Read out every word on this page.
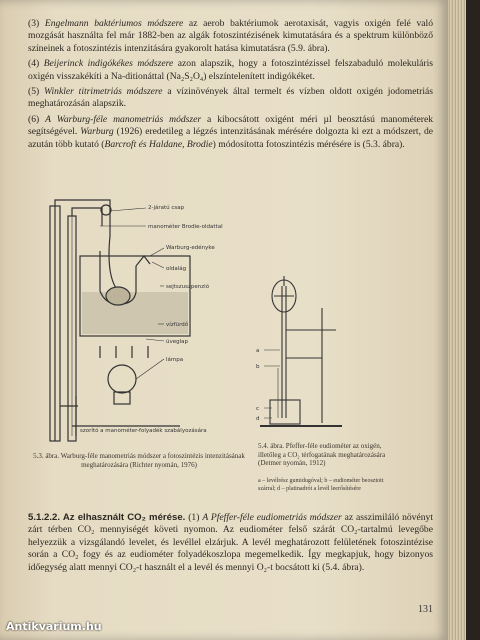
(3) Engelmann baktériumos módszere az aerob baktériumok aerotaxisát, vagyis oxigén felé való mozgását használta fel már 1882-ben az algák fotoszintézisének kimutatására és a spektrum különböző színeinek a fotoszintézis intenzitására gyakorolt hatása kimutatásra (5.9. ábra).

(4) Beijerinck indigókékes módszere azon alapszik, hogy a fotoszintézissel felszabaduló molekuláris oxigén visszakékíti a Na-ditionáttal (Na₂S₂O₄) elszíntelenített indigókéket.

(5) Winkler titrimetriás módszere a vízinövények által termelt és vízben oldott oxigén jodometriás meghatározásán alapszik.

(6) A Warburg-féle manometriás módszer a kibocsátott oxigént méri µl beosztású manométerek segítségével. Warburg (1926) eredetileg a légzés intenzitásának mérésére dolgozta ki ezt a módszert, de azután több kutató (Barcroft és Haldane, Brodie) módosította fotoszintézis mérésére is (5.3. ábra).

2-járatú csap
manométer Brodie-oldattal
Warburg-edényke
oldalág
sejtszuszpenzió
vízfürdő
üveglap
lámpa
szorító a manométer-folyadék szabályozására
5.3. ábra. Warburg-féle manometriás módszer a fotoszintézis intenzitásának meghatározására (Richter nyomán, 1976)
a
b
c
d
5.4. ábra. Pfeffer-féle eudiométer az oxigén, illetőleg a CO₂ térfogatának meghatározására (Detmer nyomán, 1912)
a – levélrész gumidugóval; b – eudiométer beosztott szárral; d – platinadrót a levél leerősítésére

5.1.2.2. Az elhasznált CO₂ mérése. (1) A Pfeffer-féle eudiometriás módszer az asszimiláló növényt zárt térben CO₂ mennyiségét követi nyomon. Az eudiométer felső szárát CO₂-tartalmú levegőbe helyezzük a vizsgálandó levelet, és levéllel elzárjuk. A levél meghatározott felületének fotoszintézise során a CO₂ fogy és az eudiométer folyadékoszlopa megemelkedik. Így megkapjuk, hogy bizonyos időegység alatt mennyi CO₂-t használt el a levél és mennyi O₂-t bocsátott ki (5.4. ábra).

131
Antikvarium.hu
